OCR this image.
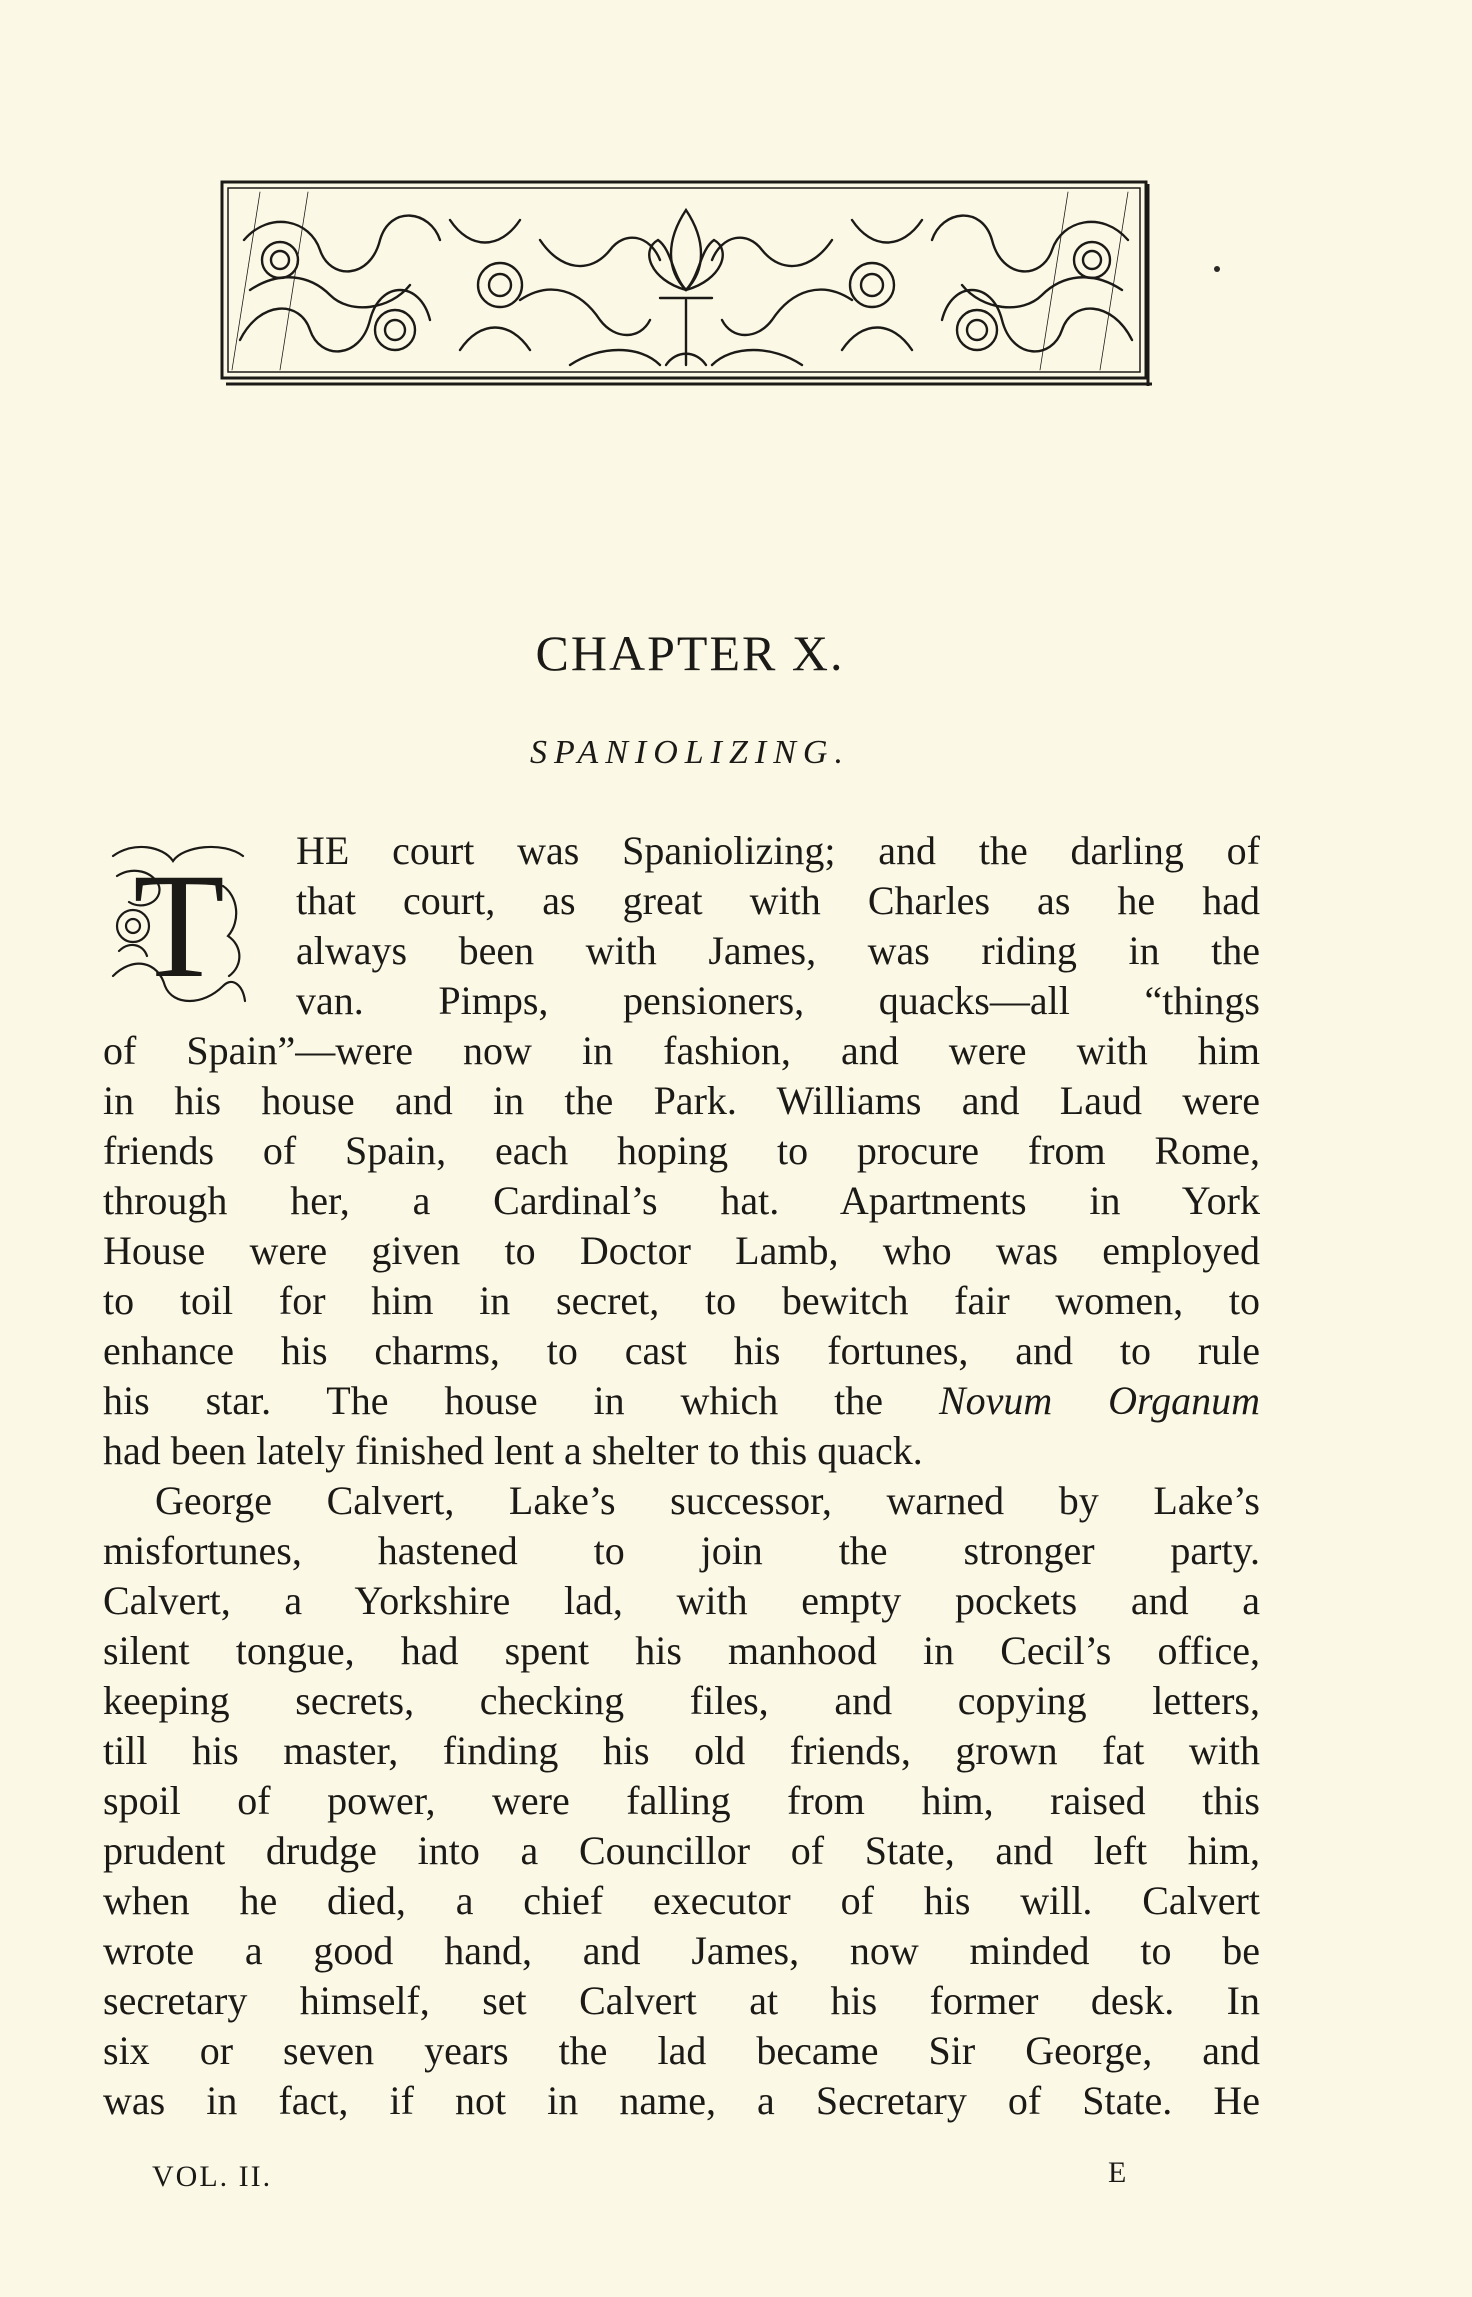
CHAPTER X.
SPANIOLIZING.
T HE court was Spaniolizing; and the darling of
that court, as great with Charles as he had
always been with James, was riding in the
van. Pimps, pensioners, quacks—all “things
of Spain”—were now in fashion, and were with him
in his house and in the Park. Williams and Laud were
friends of Spain, each hoping to procure from Rome,
through her, a Cardinal’s hat. Apartments in York
House were given to Doctor Lamb, who was employed
to toil for him in secret, to bewitch fair women, to
enhance his charms, to cast his fortunes, and to rule
his star. The house in which the Novum Organum
had been lately finished lent a shelter to this quack.
George Calvert, Lake’s successor, warned by Lake’s
misfortunes, hastened to join the stronger party.
Calvert, a Yorkshire lad, with empty pockets and a
silent tongue, had spent his manhood in Cecil’s office,
keeping secrets, checking files, and copying letters,
till his master, finding his old friends, grown fat with
spoil of power, were falling from him, raised this
prudent drudge into a Councillor of State, and left him,
when he died, a chief executor of his will. Calvert
wrote a good hand, and James, now minded to be
secretary himself, set Calvert at his former desk. In
six or seven years the lad became Sir George, and
was in fact, if not in name, a Secretary of State. He
VOL. II.	E
